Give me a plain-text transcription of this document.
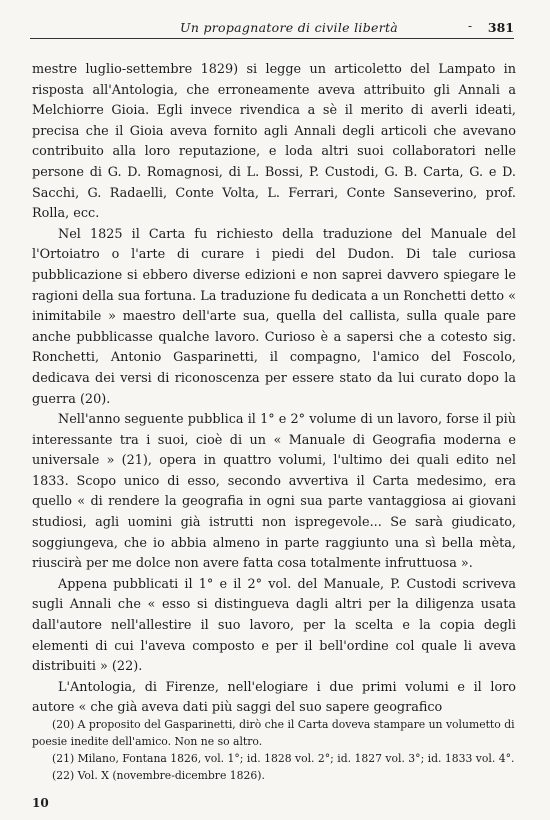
Un propagnatore di civile libertà	- 381

mestre luglio-settembre 1829) si legge un articoletto del Lampato in risposta all'Antologia, che erroneamente aveva attribuito gli Annali a Melchiorre Gioia. Egli invece rivendica a sè il merito di averli ideati, precisa che il Gioia aveva fornito agli Annali degli articoli che avevano contribuito alla loro reputazione, e loda altri suoi collaboratori nelle persone di G. D. Romagnosi, di L. Bossi, P. Custodi, G. B. Carta, G. e D. Sacchi, G. Radaelli, Conte Volta, L. Ferrari, Conte Sanseverino, prof. Rolla, ecc.

Nel 1825 il Carta fu richiesto della traduzione del Manuale del l'Ortoiatro o l'arte di curare i piedi del Dudon. Di tale curiosa pubblicazione si ebbero diverse edizioni e non saprei davvero spiegare le ragioni della sua fortuna. La traduzione fu dedicata a un Ronchetti detto « inimitabile » maestro dell'arte sua, quella del callista, sulla quale pare anche pubblicasse qualche lavoro. Curioso è a sapersi che a cotesto sig. Ronchetti, Antonio Gasparinetti, il compagno, l'amico del Foscolo, dedicava dei versi di riconoscenza per essere stato da lui curato dopo la guerra (20).

Nell'anno seguente pubblica il 1° e 2° volume di un lavoro, forse il più interessante tra i suoi, cioè di un « Manuale di Geografia moderna e universale » (21), opera in quattro volumi, l'ultimo dei quali edito nel 1833. Scopo unico di esso, secondo avvertiva il Carta medesimo, era quello « di rendere la geografia in ogni sua parte vantaggiosa ai giovani studiosi, agli uomini già istrutti non ispregevole... Se sarà giudicato, soggiungeva, che io abbia almeno in parte raggiunto una sì bella mèta, riuscirà per me dolce non avere fatta cosa totalmente infruttuosa ».

Appena pubblicati il 1° e il 2° vol. del Manuale, P. Custodi scriveva sugli Annali che « esso si distingueva dagli altri per la diligenza usata dall'autore nell'allestire il suo lavoro, per la scelta e la copia degli elementi di cui l'aveva composto e per il bell'ordine col quale li aveva distribuiti » (22).

L'Antologia, di Firenze, nell'elogiare i due primi volumi e il loro autore « che già aveva dati più saggi del suo sapere geografico

(20) A proposito del Gasparinetti, dirò che il Carta doveva stampare un volumetto di poesie inedite dell'amico. Non ne so altro.

(21) Milano, Fontana 1826, vol. 1°; id. 1828 vol. 2°; id. 1827 vol. 3°; id. 1833 vol. 4°.

(22) Vol. X (novembre-dicembre 1826).

10
